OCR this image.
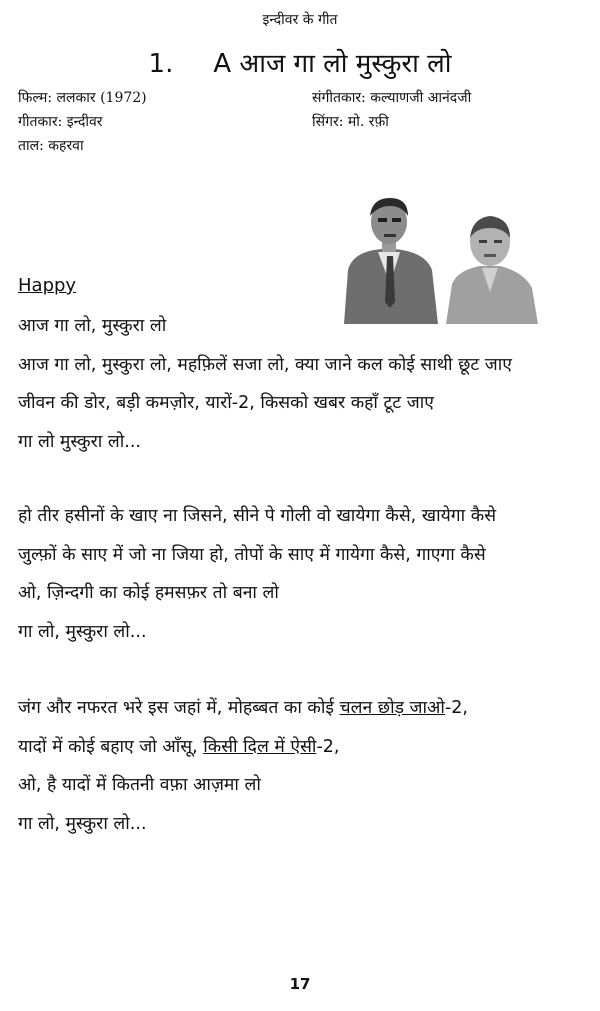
इन्दीवर के गीत
1. A आज गा लो मुस्कुरा लो
फिल्म: ललकार (1972)
गीतकार: इन्दीवर
ताल: कहरवा
संगीतकार: कल्याणजी आनंदजी
सिंगर: मो. रफ़ी
Happy
आज गा लो, मुस्कुरा लो
आज गा लो, मुस्कुरा लो, महफ़िलें सजा लो, क्या जाने कल कोई साथी छूट जाए
जीवन की डोर, बड़ी कमज़ोर, यारों-2, किसको खबर कहाँ टूट जाए
गा लो मुस्कुरा लो...
हो तीर हसीनों के खाए ना जिसने, सीने पे गोली वो खायेगा कैसे, खायेगा कैसे
जुल्फ़ों के साए में जो ना जिया हो, तोपों के साए में गायेगा कैसे, गाएगा कैसे
ओ, ज़िन्दगी का कोई हमसफ़र तो बना लो
गा लो, मुस्कुरा लो...
जंग और नफरत भरे इस जहां में, मोहब्बत का कोई चलन छोड़ जाओ-2,
यादों में कोई बहाए जो आँसू, किसी दिल में ऐसी-2,
ओ, है यादों में कितनी वफ़ा आज़मा लो
गा लो, मुस्कुरा लो...
17
